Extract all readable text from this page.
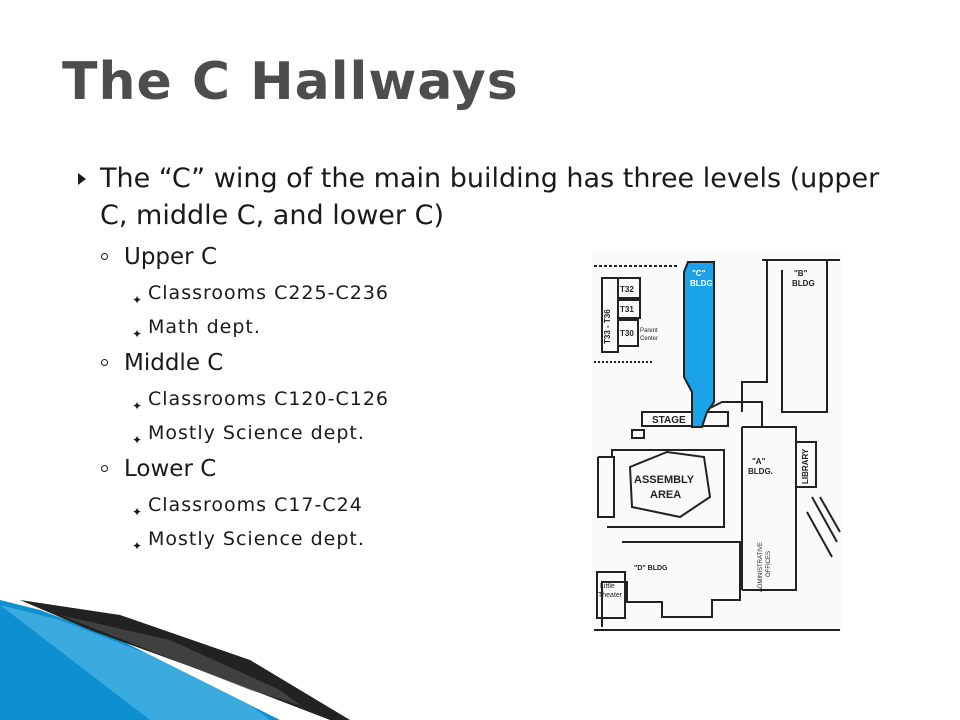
The C Hallways

The “C” wing of the main building has three levels (upper C, middle C, and lower C)

Upper C

✦ Classrooms C225-C236

✦ Math dept.

Middle C

✦ Classrooms C120-C126

✦ Mostly Science dept.

Lower C

✦ Classrooms C17-C24

✦ Mostly Science dept.

"C"
BLDG
"B"
BLDG
T33 - T36
T32
T31
T30 Parent
Center
STAGE
ASSEMBLY
AREA
"A"
BLDG.	LIBRARY
ADMINISTRATIVE OFFICES
"D" BLDG
Little
Theater
